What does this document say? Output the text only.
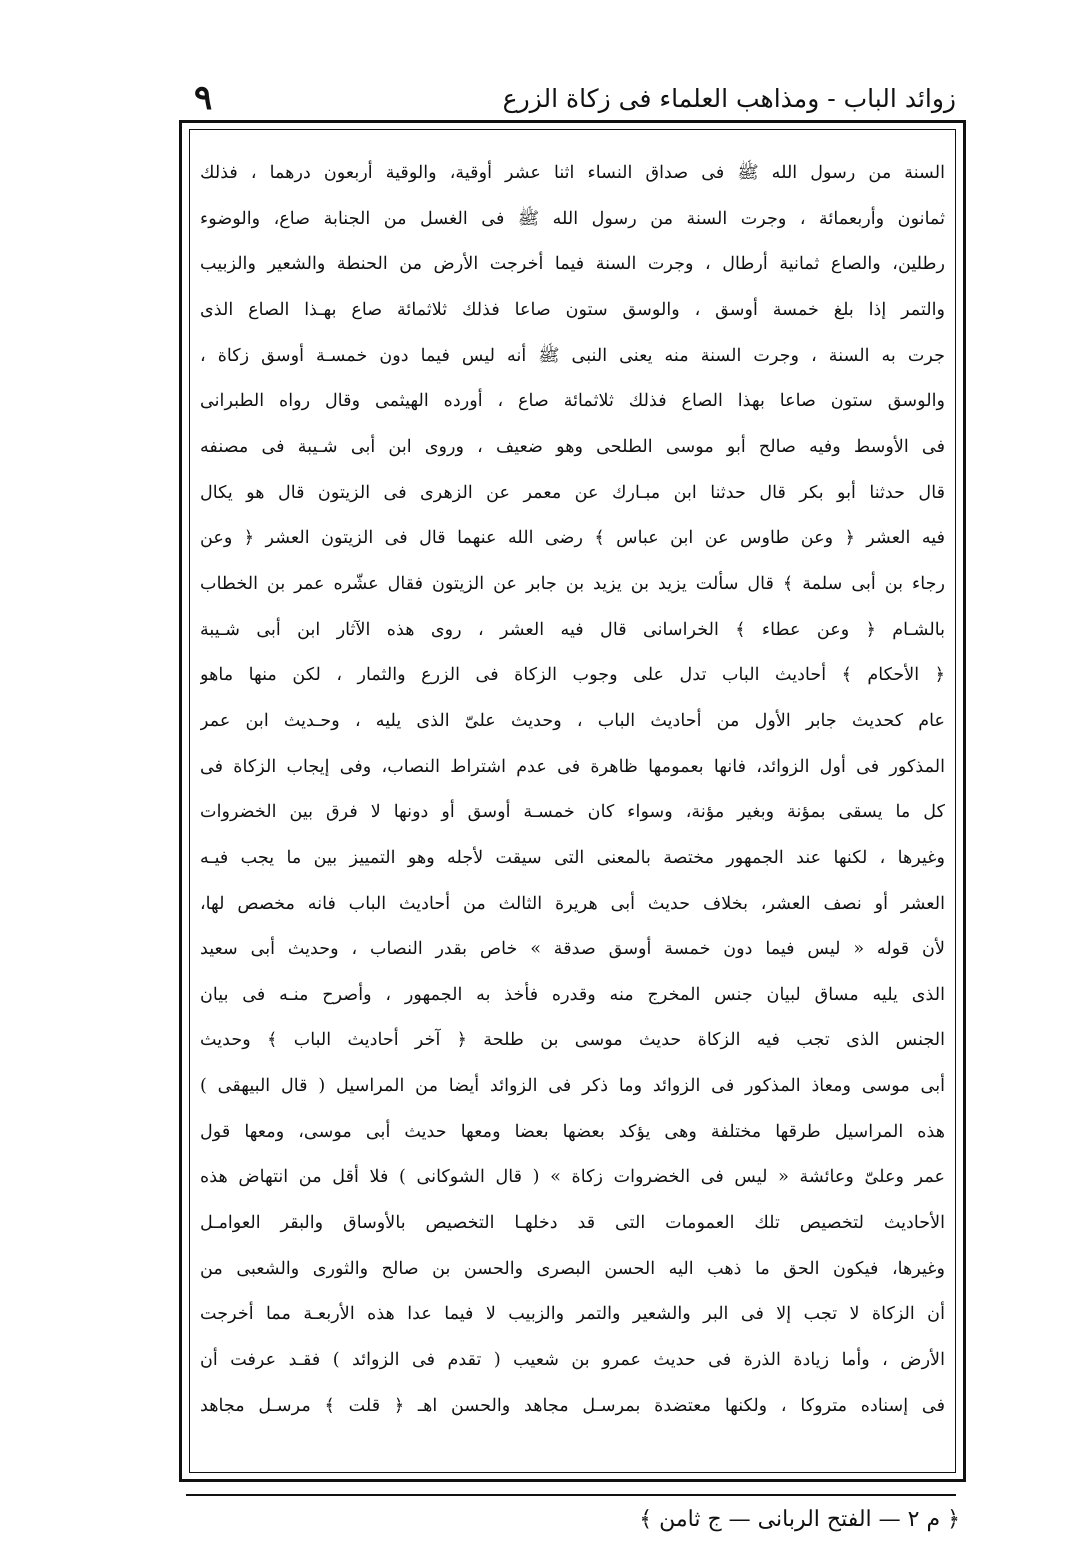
زوائد الباب - ومذاهب العلماء فى زكاة الزرع
٩
السنة من رسول الله ﷺ فى صداق النساء اثنا عشر أوقية، والوقية أربعون درهما ، فذلك
ثمانون وأربعمائة ، وجرت السنة من رسول الله ﷺ فى الغسل من الجنابة صاع، والوضوء
رطلين، والصاع ثمانية أرطال ، وجرت السنة فيما أخرجت الأرض من الحنطة والشعير والزبيب
والتمر إذا بلغ خمسة أوسق ، والوسق ستون صاعا فذلك ثلاثمائة صاع بهـذا الصاع الذى
جرت به السنة ، وجرت السنة منه يعنى النبى ﷺ أنه ليس فيما دون خمسـة أوسق زكاة ،
والوسق ستون صاعا بهذا الصاع فذلك ثلاثمائة صاع ، أورده الهيثمى وقال رواه الطبرانى
فى الأوسط وفيه صالح أبو موسى الطلحى وهو ضعيف ، وروى ابن أبى شـيبة فى مصنفه
قال حدثنا أبو بكر قال حدثنا ابن مبـارك عن معمر عن الزهرى فى الزيتون قال هو يكال
فيه العشر ﴿ وعن طاوس عن ابن عباس ﴾ رضى الله عنهما قال فى الزيتون العشر ﴿ وعن
رجاء بن أبى سلمة ﴾ قال سألت يزيد بن يزيد بن جابر عن الزيتون فقال عشّره عمر بن الخطاب
بالشـام ﴿ وعن عطاء ﴾ الخراسانى قال فيه العشر ، روى هذه الآثار ابن أبى شـيبة
﴿ الأحكام ﴾ أحاديث الباب تدل على وجوب الزكاة فى الزرع والثمار ، لكن منها ماهو
عام كحديث جابر الأول من أحاديث الباب ، وحديث علىّ الذى يليه ، وحـديث ابن عمر
المذكور فى أول الزوائد، فانها بعمومها ظاهرة فى عدم اشتراط النصاب، وفى إيجاب الزكاة فى
كل ما يسقى بمؤنة وبغير مؤنة، وسواء كان خمسـة أوسق أو دونها لا فرق بين الخضروات
وغيرها ، لكنها عند الجمهور مختصة بالمعنى التى سيقت لأجله وهو التمييز بين ما يجب فيـه
العشر أو نصف العشر، بخلاف حديث أبى هريرة الثالث من أحاديث الباب فانه مخصص لها،
لأن قوله « ليس فيما دون خمسة أوسق صدقة » خاص بقدر النصاب ، وحديث أبى سعيد
الذى يليه مساق لبيان جنس المخرج منه وقدره فأخذ به الجمهور ، وأصرح منـه فى بيان
الجنس الذى تجب فيه الزكاة حديث موسى بن طلحة ﴿ آخر أحاديث الباب ﴾ وحديث
أبى موسى ومعاذ المذكور فى الزوائد وما ذكر فى الزوائد أيضا من المراسيل ( قال البيهقى )
هذه المراسيل طرقها مختلفة وهى يؤكد بعضها بعضا ومعها حديث أبى موسى، ومعها قول
عمر وعلىّ وعائشة « ليس فى الخضروات زكاة » ( قال الشوكانى ) فلا أقل من انتهاض هذه
الأحاديث لتخصيص تلك العمومات التى قد دخلهـا التخصيص بالأوساق والبقر العوامـل
وغيرها، فيكون الحق ما ذهب اليه الحسن البصرى والحسن بن صالح والثورى والشعبى من
أن الزكاة لا تجب إلا فى البر والشعير والتمر والزبيب لا فيما عدا هذه الأربعـة مما أخرجت
الأرض ، وأما زيادة الذرة فى حديث عمرو بن شعيب ( تقدم فى الزوائد ) فقـد عرفت أن
فى إسناده متروكا ، ولكنها معتضدة بمرسـل مجاهد والحسن اهـ ﴿ قلت ﴾ مرسـل مجاهد
﴿ م ٢ — الفتح الربانى — ج ثامن ﴾
